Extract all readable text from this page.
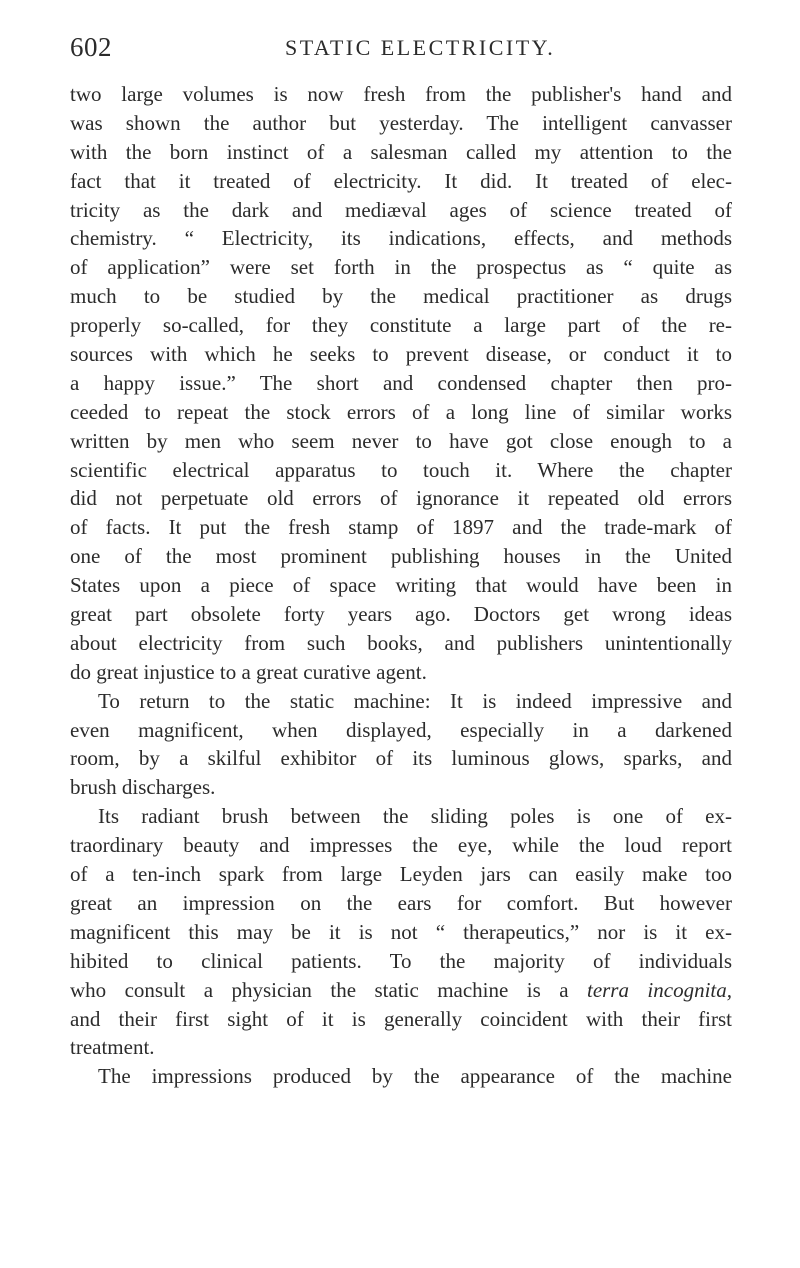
602	STATIC ELECTRICITY.
two large volumes is now fresh from the publisher's hand and
was shown the author but yesterday. The intelligent canvasser
with the born instinct of a salesman called my attention to the
fact that it treated of electricity. It did. It treated of elec-
tricity as the dark and mediæval ages of science treated of
chemistry. “ Electricity, its indications, effects, and methods
of application” were set forth in the prospectus as “ quite as
much to be studied by the medical practitioner as drugs
properly so-called, for they constitute a large part of the re-
sources with which he seeks to prevent disease, or conduct it to
a happy issue.” The short and condensed chapter then pro-
ceeded to repeat the stock errors of a long line of similar works
written by men who seem never to have got close enough to a
scientific electrical apparatus to touch it. Where the chapter
did not perpetuate old errors of ignorance it repeated old errors
of facts. It put the fresh stamp of 1897 and the trade-mark of
one of the most prominent publishing houses in the United
States upon a piece of space writing that would have been in
great part obsolete forty years ago. Doctors get wrong ideas
about electricity from such books, and publishers unintentionally
do great injustice to a great curative agent.
To return to the static machine: It is indeed impressive and
even magnificent, when displayed, especially in a darkened
room, by a skilful exhibitor of its luminous glows, sparks, and
brush discharges.
Its radiant brush between the sliding poles is one of ex-
traordinary beauty and impresses the eye, while the loud report
of a ten-inch spark from large Leyden jars can easily make too
great an impression on the ears for comfort. But however
magnificent this may be it is not “ therapeutics,” nor is it ex-
hibited to clinical patients. To the majority of individuals
who consult a physician the static machine is a terra incognita,
and their first sight of it is generally coincident with their first
treatment.
The impressions produced by the appearance of the machine
